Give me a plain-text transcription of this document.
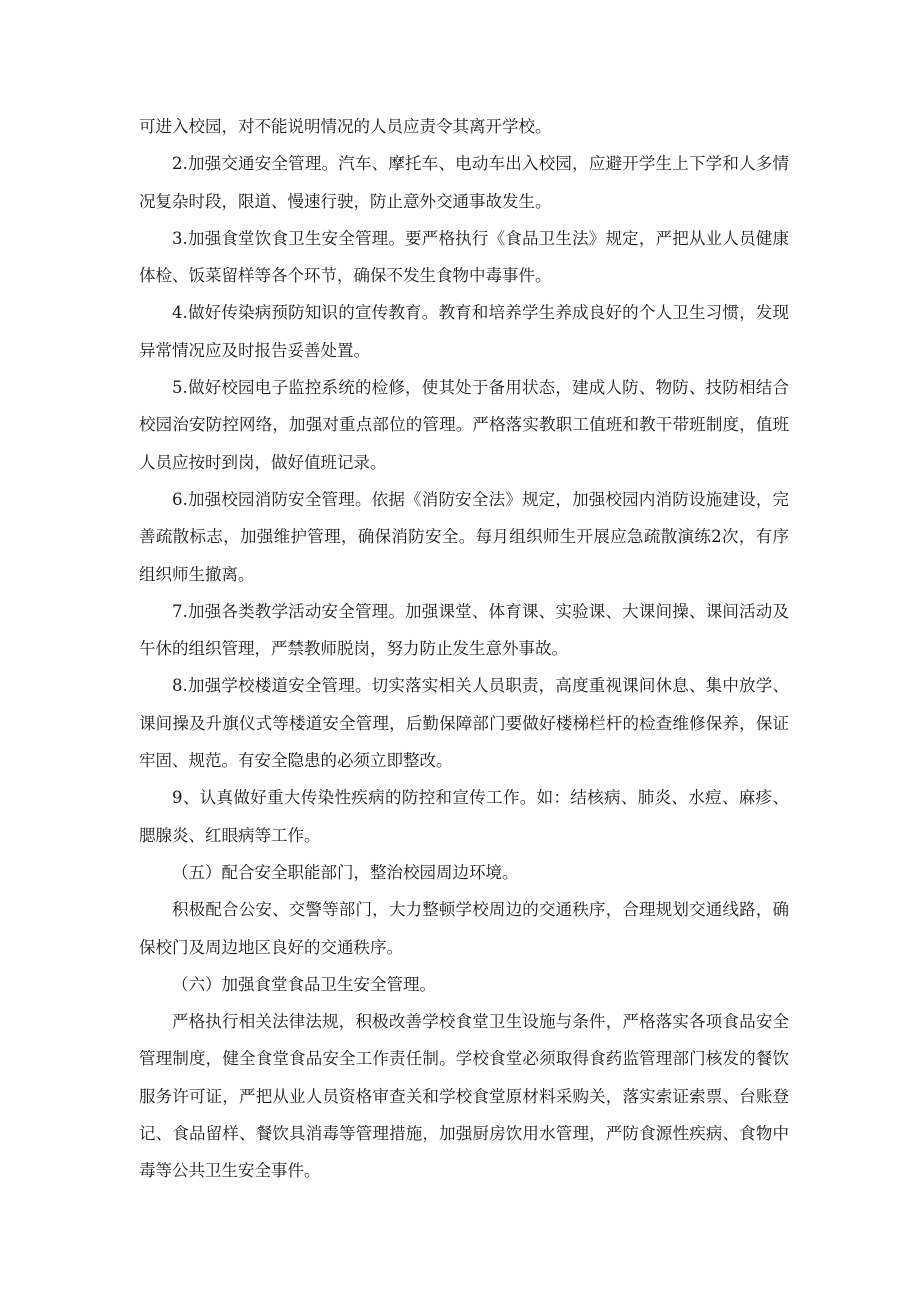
可进入校园，对不能说明情况的人员应责令其离开学校。

2.加强交通安全管理。汽车、摩托车、电动车出入校园，应避开学生上下学和人多情况复杂时段，限道、慢速行驶，防止意外交通事故发生。

3.加强食堂饮食卫生安全管理。要严格执行《食品卫生法》规定，严把从业人员健康体检、饭菜留样等各个环节，确保不发生食物中毒事件。

4.做好传染病预防知识的宣传教育。教育和培养学生养成良好的个人卫生习惯，发现异常情况应及时报告妥善处置。

5.做好校园电子监控系统的检修，使其处于备用状态，建成人防、物防、技防相结合校园治安防控网络，加强对重点部位的管理。严格落实教职工值班和教干带班制度，值班人员应按时到岗，做好值班记录。

6.加强校园消防安全管理。依据《消防安全法》规定，加强校园内消防设施建设，完善疏散标志，加强维护管理，确保消防安全。每月组织师生开展应急疏散演练2次，有序组织师生撤离。

7.加强各类教学活动安全管理。加强课堂、体育课、实验课、大课间操、课间活动及午休的组织管理，严禁教师脱岗，努力防止发生意外事故。

8.加强学校楼道安全管理。切实落实相关人员职责，高度重视课间休息、集中放学、课间操及升旗仪式等楼道安全管理，后勤保障部门要做好楼梯栏杆的检查维修保养，保证牢固、规范。有安全隐患的必须立即整改。

9、认真做好重大传染性疾病的防控和宣传工作。如：结核病、肺炎、水痘、麻疹、腮腺炎、红眼病等工作。

（五）配合安全职能部门，整治校园周边环境。

积极配合公安、交警等部门，大力整顿学校周边的交通秩序，合理规划交通线路，确保校门及周边地区良好的交通秩序。

（六）加强食堂食品卫生安全管理。

严格执行相关法律法规，积极改善学校食堂卫生设施与条件，严格落实各项食品安全管理制度，健全食堂食品安全工作责任制。学校食堂必须取得食药监管理部门核发的餐饮服务许可证，严把从业人员资格审查关和学校食堂原材料采购关，落实索证索票、台账登记、食品留样、餐饮具消毒等管理措施，加强厨房饮用水管理，严防食源性疾病、食物中毒等公共卫生安全事件。
